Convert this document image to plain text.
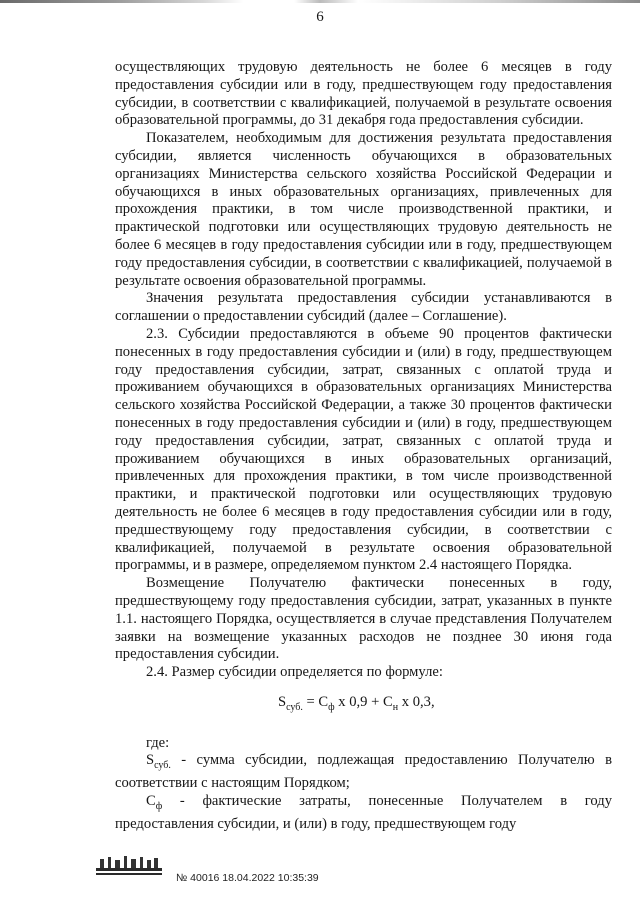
6

осуществляющих трудовую деятельность не более 6 месяцев в году предоставления субсидии или в году, предшествующем году предоставления субсидии, в соответствии с квалификацией, получаемой в результате освоения образовательной программы, до 31 декабря года предоставления субсидии.

Показателем, необходимым для достижения результата предоставления субсидии, является численность обучающихся в образовательных организациях Министерства сельского хозяйства Российской Федерации и обучающихся в иных образовательных организациях, привлеченных для прохождения практики, в том числе производственной практики, и практической подготовки или осуществляющих трудовую деятельность не более 6 месяцев в году предоставления субсидии или в году, предшествующем году предоставления субсидии, в соответствии с квалификацией, получаемой в результате освоения образовательной программы.

Значения результата предоставления субсидии устанавливаются в соглашении о предоставлении субсидий (далее – Соглашение).

2.3. Субсидии предоставляются в объеме 90 процентов фактически понесенных в году предоставления субсидии и (или) в году, предшествующем году предоставления субсидии, затрат, связанных с оплатой труда и проживанием обучающихся в образовательных организациях Министерства сельского хозяйства Российской Федерации, а также 30 процентов фактически понесенных в году предоставления субсидии и (или) в году, предшествующем году предоставления субсидии, затрат, связанных с оплатой труда и проживанием обучающихся в иных образовательных организаций, привлеченных для прохождения практики, в том числе производственной практики, и практической подготовки или осуществляющих трудовую деятельность не более 6 месяцев в году предоставления субсидии или в году, предшествующему году предоставления субсидии, в соответствии с квалификацией, получаемой в результате освоения образовательной программы, и в размере, определяемом пунктом 2.4 настоящего Порядка.

Возмещение Получателю фактически понесенных в году, предшествующему году предоставления субсидии, затрат, указанных в пункте 1.1. настоящего Порядка, осуществляется в случае представления Получателем заявки на возмещение указанных расходов не позднее 30 июня года предоставления субсидии.

2.4. Размер субсидии определяется по формуле:

$S_{суб.} = C_ф$ х $0,9 + C_н$ х 0,3,

где:

$S_{суб.}$ - сумма субсидии, подлежащая предоставлению Получателю в соответствии с настоящим Порядком;

$C_ф$ - фактические затраты, понесенные Получателем в году предоставления субсидии, и (или) в году, предшествующем году

№ 40016 18.04.2022 10:35:39
